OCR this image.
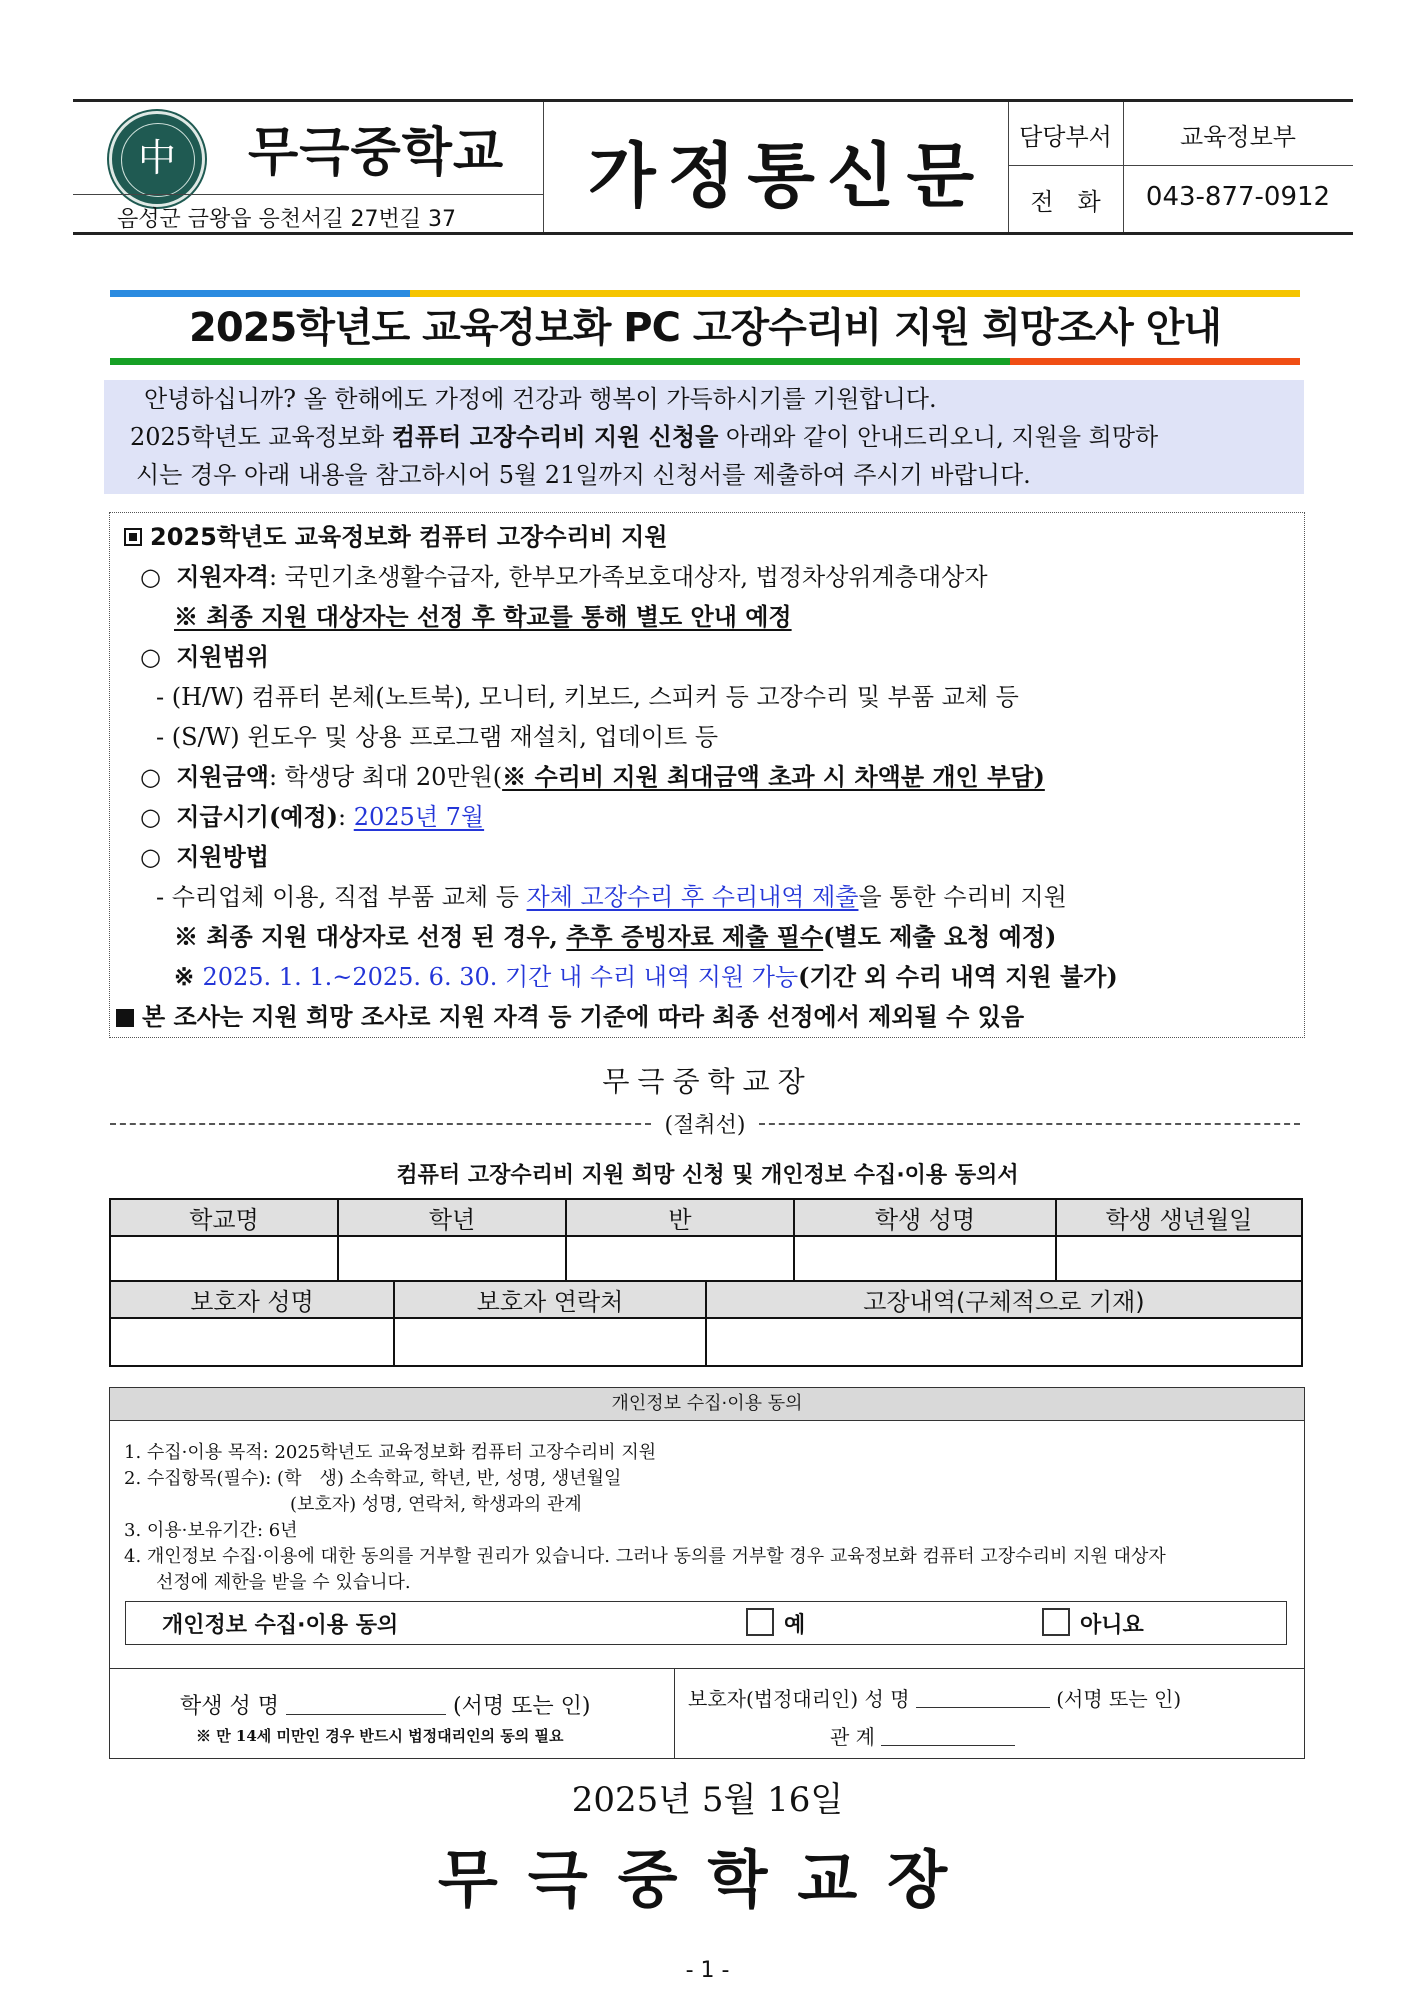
中	무극중학교
음성군 금왕읍 응천서길 27번길 37
가정통신문	담당부서	교육정보부
전　화	043-877-0912
2025학년도 교육정보화 PC 고장수리비 지원 희망조사 안내
안녕하십니까? 올 한해에도 가정에 건강과 행복이 가득하시기를 기원합니다.
2025학년도 교육정보화 컴퓨터 고장수리비 지원 신청을 아래와 같이 안내드리오니, 지원을 희망하
시는 경우 아래 내용을 참고하시어 5월 21일까지 신청서를 제출하여 주시기 바랍니다.
2025학년도 교육정보화 컴퓨터 고장수리비 지원
○  지원자격: 국민기초생활수급자, 한부모가족보호대상자, 법정차상위계층대상자
※ 최종 지원 대상자는 선정 후 학교를 통해 별도 안내 예정
○  지원범위
- (H/W) 컴퓨터 본체(노트북), 모니터, 키보드, 스피커 등 고장수리 및 부품 교체 등
- (S/W) 윈도우 및 상용 프로그램 재설치, 업데이트 등
○  지원금액: 학생당 최대 20만원(※ 수리비 지원 최대금액 초과 시 차액분 개인 부담)
○  지급시기(예정): 2025년 7월
○  지원방법
- 수리업체 이용, 직접 부품 교체 등 자체 고장수리 후 수리내역 제출을 통한 수리비 지원
※ 최종 지원 대상자로 선정 된 경우, 추후 증빙자료 제출 필수(별도 제출 요청 예정)
※ 2025. 1. 1.~2025. 6. 30. 기간 내 수리 내역 지원 가능(기간 외 수리 내역 지원 불가)
본 조사는 지원 희망 조사로 지원 자격 등 기준에 따라 최종 선정에서 제외될 수 있음
무극중학교장
(절취선)
컴퓨터 고장수리비 지원 희망 신청 및 개인정보 수집·이용 동의서
학교명	학년	반	학생 성명	학생 생년월일

보호자 성명	보호자 연락처	고장내역(구체적으로 기재)

개인정보 수집·이용 동의
1. 수집·이용 목적: 2025학년도 교육정보화 컴퓨터 고장수리비 지원
2. 수집항목(필수): (학　생) 소속학교, 학년, 반, 성명, 생년월일
(보호자) 성명, 연락처, 학생과의 관계
3. 이용·보유기간: 6년
4. 개인정보 수집·이용에 대한 동의를 거부할 권리가 있습니다. 그러나 동의를 거부할 경우 교육정보화 컴퓨터 고장수리비 지원 대상자
선정에 제한을 받을 수 있습니다.
개인정보 수집·이용 동의	예	아니요
학생 성 명	(서명 또는 인)
※ 만 14세 미만인 경우 반드시 법정대리인의 동의 필요
보호자(법정대리인) 성 명	(서명 또는 인)
관 계
2025년 5월 16일
무극중학교장
- 1 -
